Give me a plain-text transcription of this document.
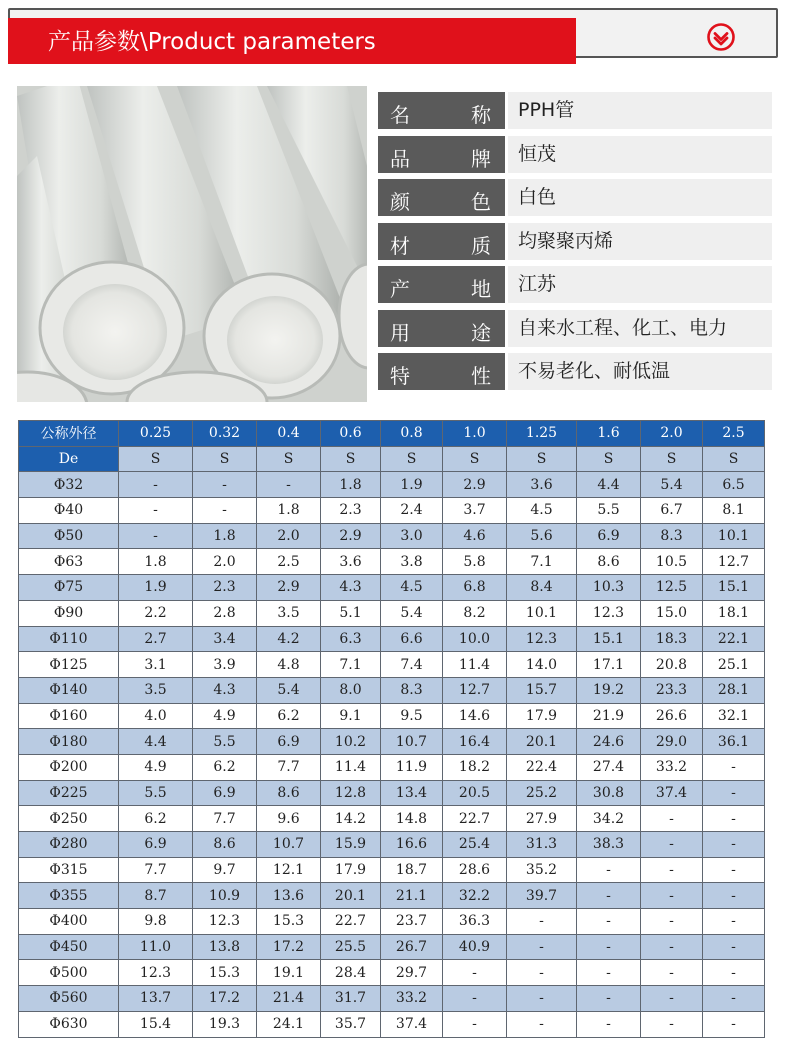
产品参数\Product parameters
名	称	PPH管
品	牌	恒茂
颜	色	白色
材	质	均聚聚丙烯
产	地	江苏
用	途	自来水工程、化工、电力
特	性	不易老化、耐低温
公称外径	0.25	0.32	0.4	0.6	0.8	1.0	1.25	1.6	2.0	2.5
De	S	S	S	S	S	S	S	S	S	S
Φ32	-	-	-	1.8	1.9	2.9	3.6	4.4	5.4	6.5
Φ40	-	-	1.8	2.3	2.4	3.7	4.5	5.5	6.7	8.1
Φ50	-	1.8	2.0	2.9	3.0	4.6	5.6	6.9	8.3	10.1
Φ63	1.8	2.0	2.5	3.6	3.8	5.8	7.1	8.6	10.5	12.7
Φ75	1.9	2.3	2.9	4.3	4.5	6.8	8.4	10.3	12.5	15.1
Φ90	2.2	2.8	3.5	5.1	5.4	8.2	10.1	12.3	15.0	18.1
Φ110	2.7	3.4	4.2	6.3	6.6	10.0	12.3	15.1	18.3	22.1
Φ125	3.1	3.9	4.8	7.1	7.4	11.4	14.0	17.1	20.8	25.1
Φ140	3.5	4.3	5.4	8.0	8.3	12.7	15.7	19.2	23.3	28.1
Φ160	4.0	4.9	6.2	9.1	9.5	14.6	17.9	21.9	26.6	32.1
Φ180	4.4	5.5	6.9	10.2	10.7	16.4	20.1	24.6	29.0	36.1
Φ200	4.9	6.2	7.7	11.4	11.9	18.2	22.4	27.4	33.2	-
Φ225	5.5	6.9	8.6	12.8	13.4	20.5	25.2	30.8	37.4	-
Φ250	6.2	7.7	9.6	14.2	14.8	22.7	27.9	34.2	-	-
Φ280	6.9	8.6	10.7	15.9	16.6	25.4	31.3	38.3	-	-
Φ315	7.7	9.7	12.1	17.9	18.7	28.6	35.2	-	-	-
Φ355	8.7	10.9	13.6	20.1	21.1	32.2	39.7	-	-	-
Φ400	9.8	12.3	15.3	22.7	23.7	36.3	-	-	-	-
Φ450	11.0	13.8	17.2	25.5	26.7	40.9	-	-	-	-
Φ500	12.3	15.3	19.1	28.4	29.7	-	-	-	-	-
Φ560	13.7	17.2	21.4	31.7	33.2	-	-	-	-	-
Φ630	15.4	19.3	24.1	35.7	37.4	-	-	-	-	-
